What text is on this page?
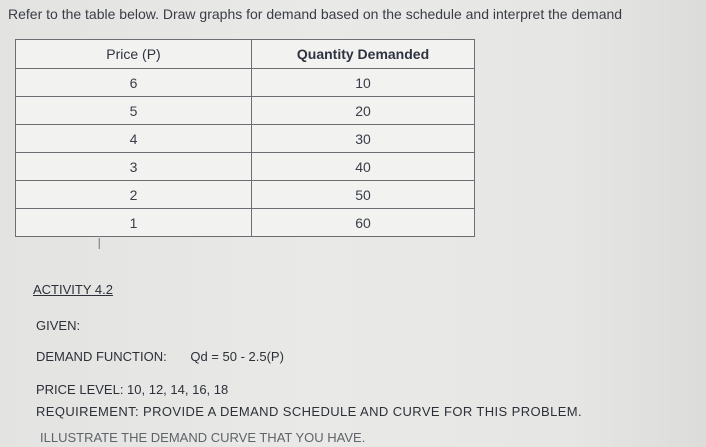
Refer to the table below. Draw graphs for demand based on the schedule and interpret the demand
Price (P)	Quantity Demanded
6	10
5	20
4	30
3	40
2	50
1	60
I
ACTIVITY 4.2
GIVEN:
DEMAND FUNCTION: Qd = 50 - 2.5(P)
PRICE LEVEL: 10, 12, 14, 16, 18
REQUIREMENT: PROVIDE A DEMAND SCHEDULE AND CURVE FOR THIS PROBLEM.
ILLUSTRATE THE DEMAND CURVE THAT YOU HAVE.
